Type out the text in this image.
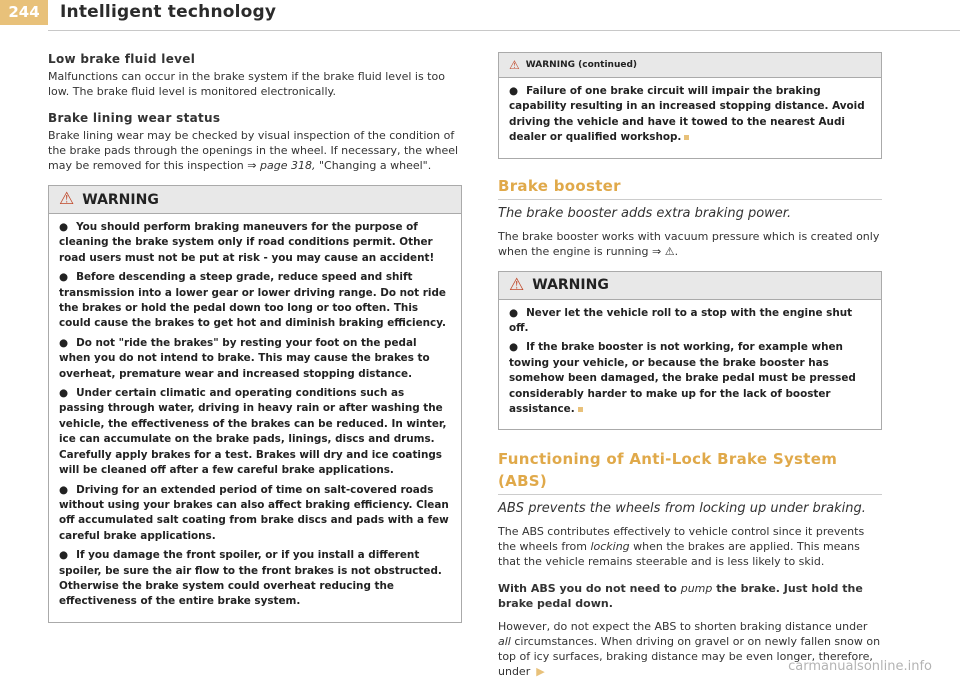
244	Intelligent technology
Low brake fluid level

Malfunctions can occur in the brake system if the brake fluid level is too low. The brake fluid level is monitored electronically.

Brake lining wear status

Brake lining wear may be checked by visual inspection of the condition of the brake pads through the openings in the wheel. If necessary, the wheel may be removed for this inspection ⇒ page 318, "Changing a wheel".

⚠ WARNING

● You should perform braking maneuvers for the purpose of cleaning the brake system only if road conditions permit. Other road users must not be put at risk - you may cause an accident!

● Before descending a steep grade, reduce speed and shift transmission into a lower gear or lower driving range. Do not ride the brakes or hold the pedal down too long or too often. This could cause the brakes to get hot and diminish braking efficiency.

● Do not "ride the brakes" by resting your foot on the pedal when you do not intend to brake. This may cause the brakes to overheat, premature wear and increased stopping distance.

● Under certain climatic and operating conditions such as passing through water, driving in heavy rain or after washing the vehicle, the effectiveness of the brakes can be reduced. In winter, ice can accumulate on the brake pads, linings, discs and drums. Carefully apply brakes for a test. Brakes will dry and ice coatings will be cleaned off after a few careful brake applications.

● Driving for an extended period of time on salt-covered roads without using your brakes can also affect braking efficiency. Clean off accumulated salt coating from brake discs and pads with a few careful brake applications.

● If you damage the front spoiler, or if you install a different spoiler, be sure the air flow to the front brakes is not obstructed. Otherwise the brake system could overheat reducing the effectiveness of the entire brake system.

⚠ WARNING (continued)

● Failure of one brake circuit will impair the braking capability resulting in an increased stopping distance. Avoid driving the vehicle and have it towed to the nearest Audi dealer or qualified workshop.

Brake booster
The brake booster adds extra braking power.

The brake booster works with vacuum pressure which is created only when the engine is running ⇒ ⚠.

⚠ WARNING

● Never let the vehicle roll to a stop with the engine shut off.

● If the brake booster is not working, for example when towing your vehicle, or because the brake booster has somehow been damaged, the brake pedal must be pressed considerably harder to make up for the lack of booster assistance.

Functioning of Anti-Lock Brake System (ABS)
ABS prevents the wheels from locking up under braking.

The ABS contributes effectively to vehicle control since it prevents the wheels from locking when the brakes are applied. This means that the vehicle remains steerable and is less likely to skid.

With ABS you do not need to pump the brake. Just hold the brake pedal down.

However, do not expect the ABS to shorten braking distance under all circumstances. When driving on gravel or on newly fallen snow on top of icy surfaces, braking distance may be even longer, therefore, under ▶	carmanualsonline.info
